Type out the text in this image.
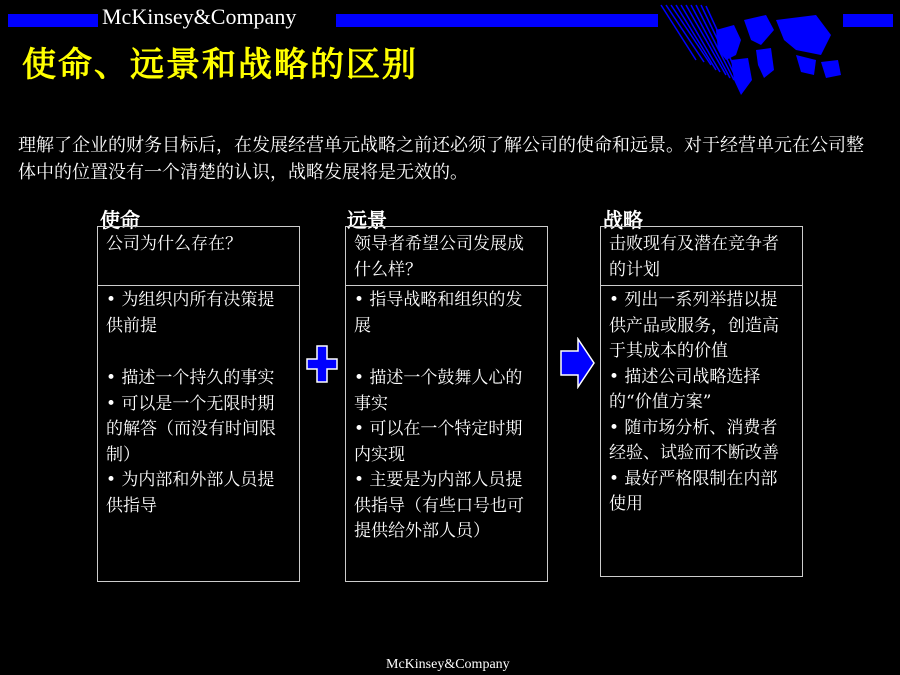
McKinsey&Company
使命、远景和战略的区别
理解了企业的财务目标后，在发展经营单元战略之前还必须了解公司的使命和远景。对于经营单元在公司整体中的位置没有一个清楚的认识，战略发展将是无效的。
使命
公司为什么存在？

• 为组织内所有决策提供前提

• 描述一个持久的事实

• 可以是一个无限时期的解答（而没有时间限制）

• 为内部和外部人员提供指导

远景
领导者希望公司发展成什么样？

• 指导战略和组织的发展

• 描述一个鼓舞人心的事实

• 可以在一个特定时期内实现

• 主要是为内部人员提供指导（有些口号也可提供给外部人员）

战略
击败现有及潜在竞争者的计划

• 列出一系列举措以提供产品或服务，创造高于其成本的价值

• 描述公司战略选择的“价值方案”

• 随市场分析、消费者经验、试验而不断改善

• 最好严格限制在内部使用

McKinsey&Company
